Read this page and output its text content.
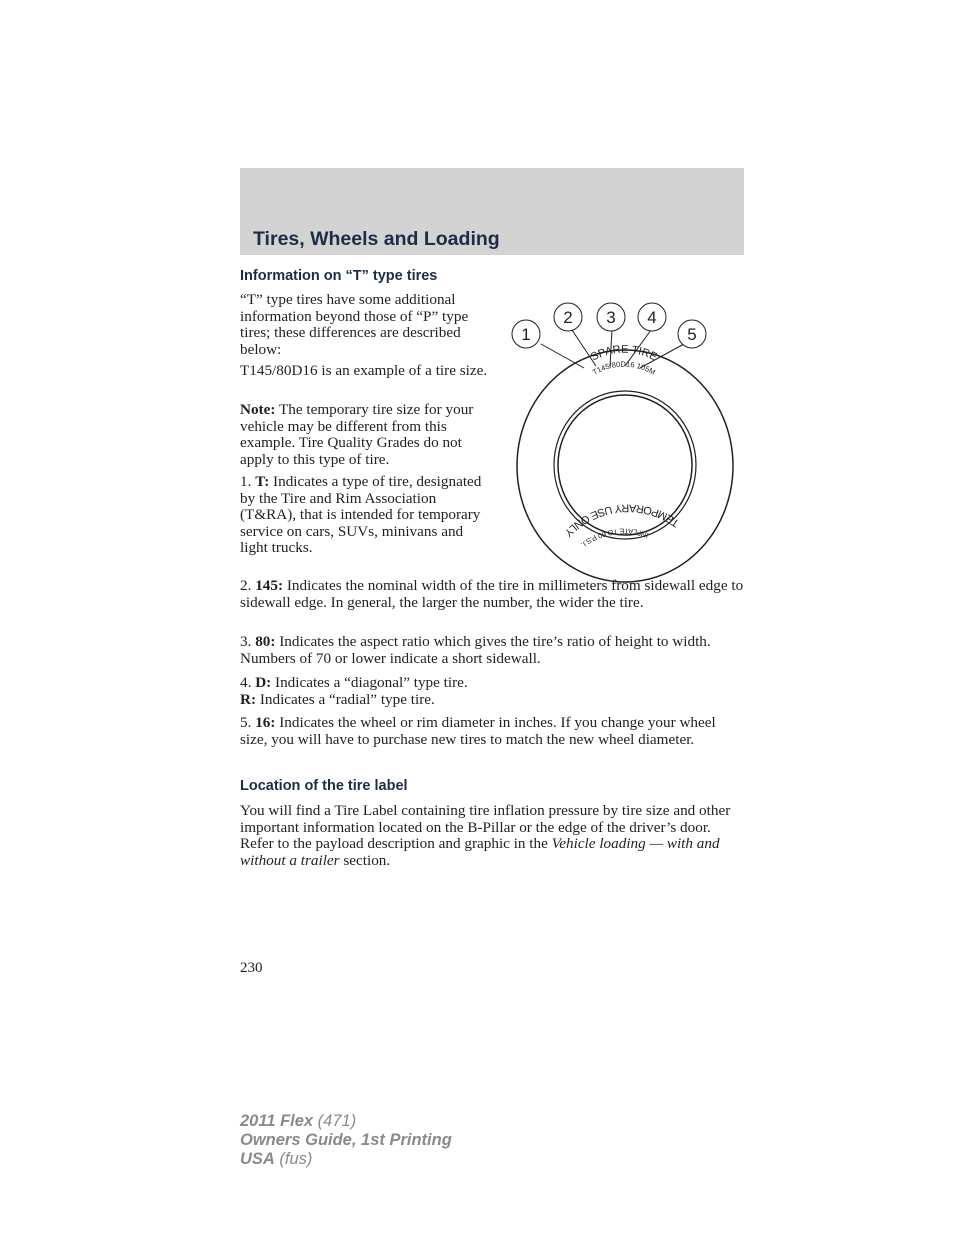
Tires, Wheels and Loading
Information on “T” type tires

“T” type tires have some additional information beyond those of “P” type tires; these differences are described below:

T145/80D16 is an example of a tire size.

Note: The temporary tire size for your vehicle may be different from this example. Tire Quality Grades do not apply to this type of tire.

1. T: Indicates a type of tire, designated by the Tire and Rim Association (T&RA), that is intended for temporary service on cars, SUVs, minivans and light trucks.

2. 145: Indicates the nominal width of the tire in millimeters from sidewall edge to sidewall edge. In general, the larger the number, the wider the tire.

3. 80: Indicates the aspect ratio which gives the tire’s ratio of height to width. Numbers of 70 or lower indicate a short sidewall.

4. D: Indicates a “diagonal” type tire.
R: Indicates a “radial” type tire.

5. 16: Indicates the wheel or rim diameter in inches. If you change your wheel size, you will have to purchase new tires to match the new wheel diameter.

Location of the tire label

You will find a Tire Label containing tire inflation pressure by tire size and other important information located on the B-Pillar or the edge of the driver’s door. Refer to the payload description and graphic in the Vehicle loading — with and without a trailer section.

1
2 3 4
5
SPARE TIRE
T145/80D16 105M
TEMPORARY USE ONLY	INFLATE TO 60 P.S.I.
230
2011 Flex (471)
Owners Guide, 1st Printing
USA (fus)
